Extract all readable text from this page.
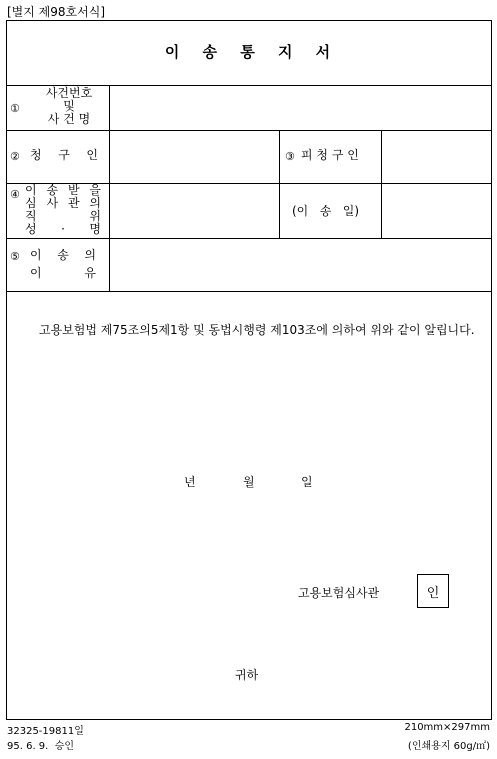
[별지 제98호서식]
이 송 통 지 서
①
사건번호
및
사 건 명
② 청 구 인	③ 피 청 구 인
④ 이 송 받 을
심 사 관 의
직	위
성 · 명
(이   송   일)
⑤ 이 송 의
이	유
고용보험법 제75조의5제1항 및 동법시행령 제103조에 의하여 위와 같이 알립니다.
년	월	일
고용보험심사관	인
귀하
32325-19811일
95. 6. 9.  승인
210mm×297mm
(인쇄용지 60g/㎡)
